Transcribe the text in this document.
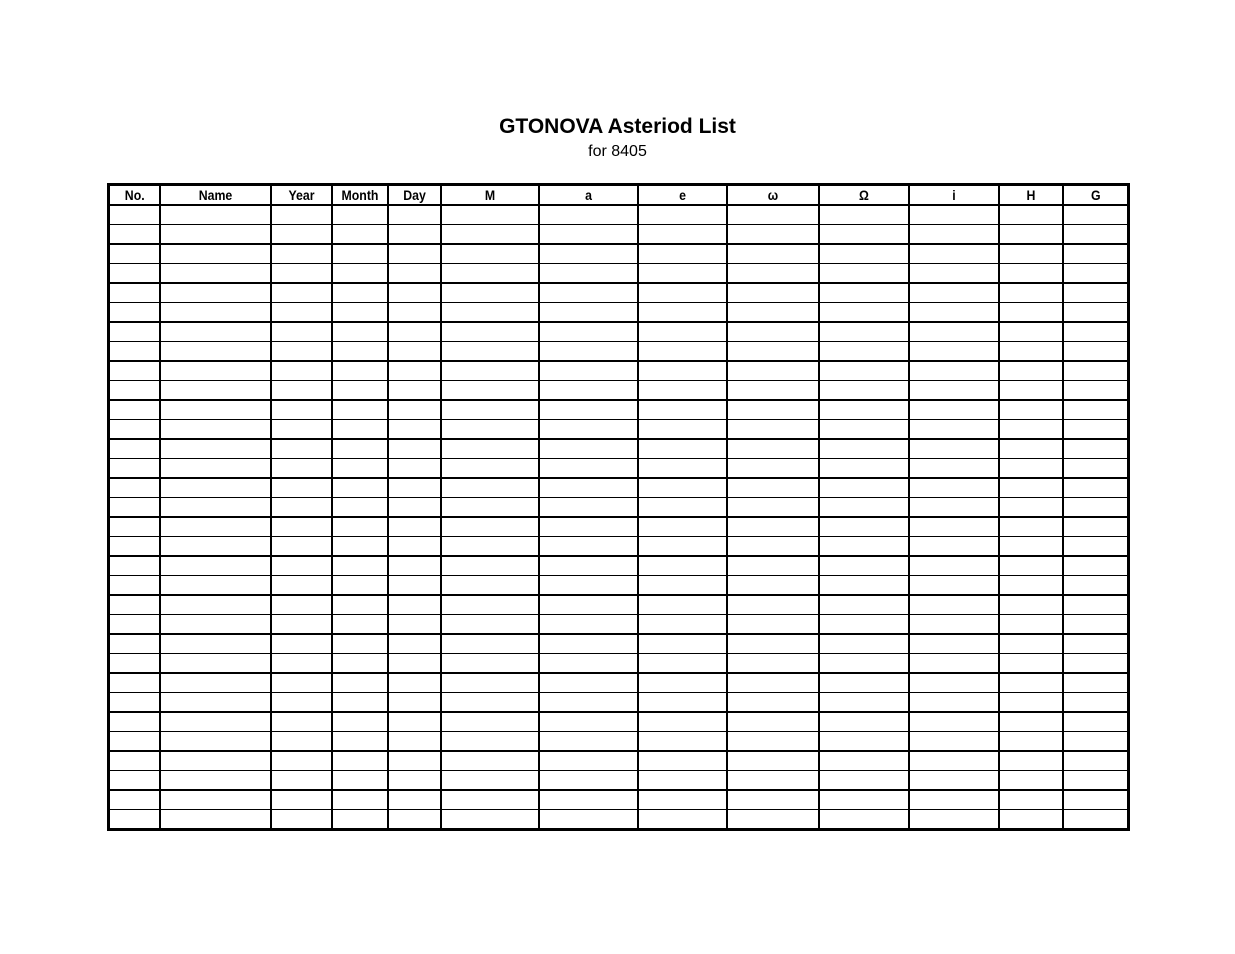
GTONOVA Asteriod List
for 8405
No.	Name	Year	Month	Day	M	a	e	ω	Ω	i	H	G
